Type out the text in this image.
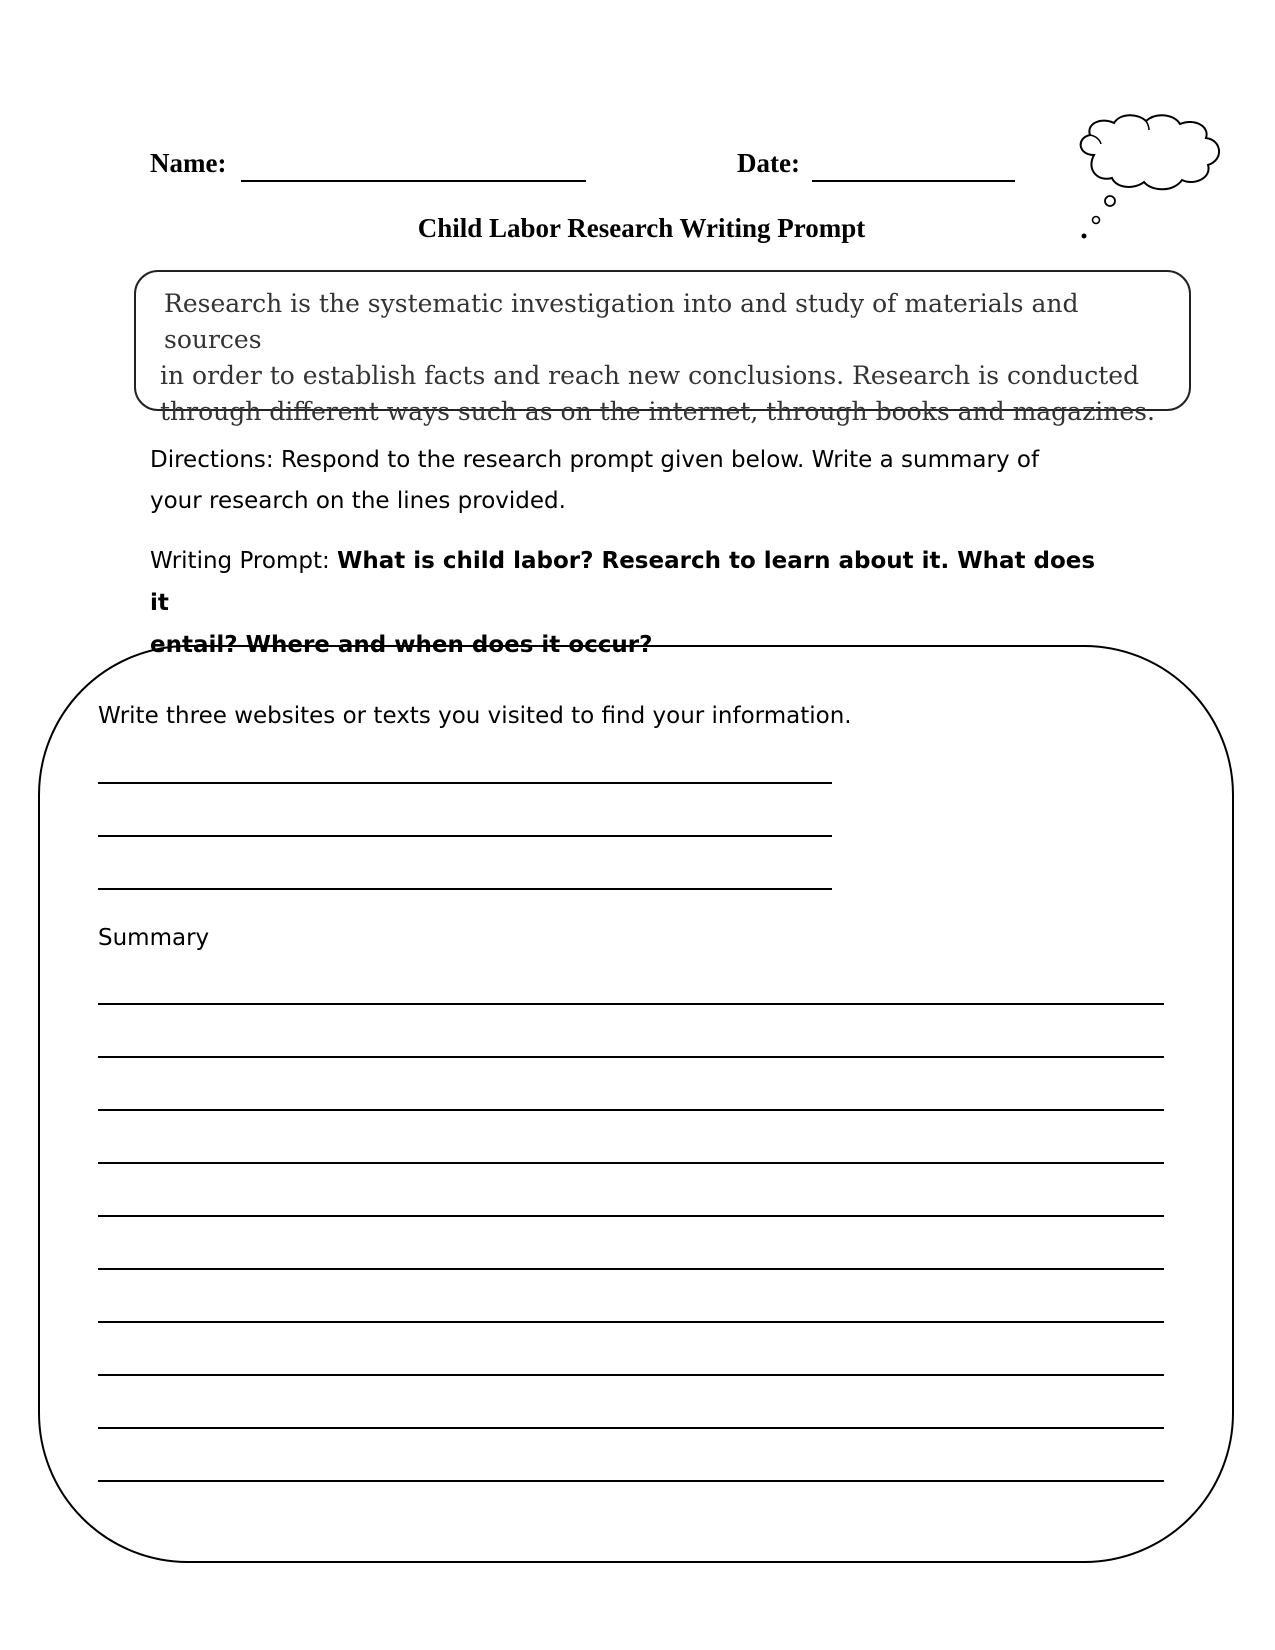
Name:	Date:
Child Labor Research Writing Prompt
Research is the systematic investigation into and study of materials and sources
in order to establish facts and reach new conclusions. Research is conducted
through different ways such as on the internet, through books and magazines.
Directions: Respond to the research prompt given below. Write a summary of
your research on the lines provided.
Writing Prompt: What is child labor? Research to learn about it. What does it
entail? Where and when does it occur?
Write three websites or texts you visited to find your information.
Summary
